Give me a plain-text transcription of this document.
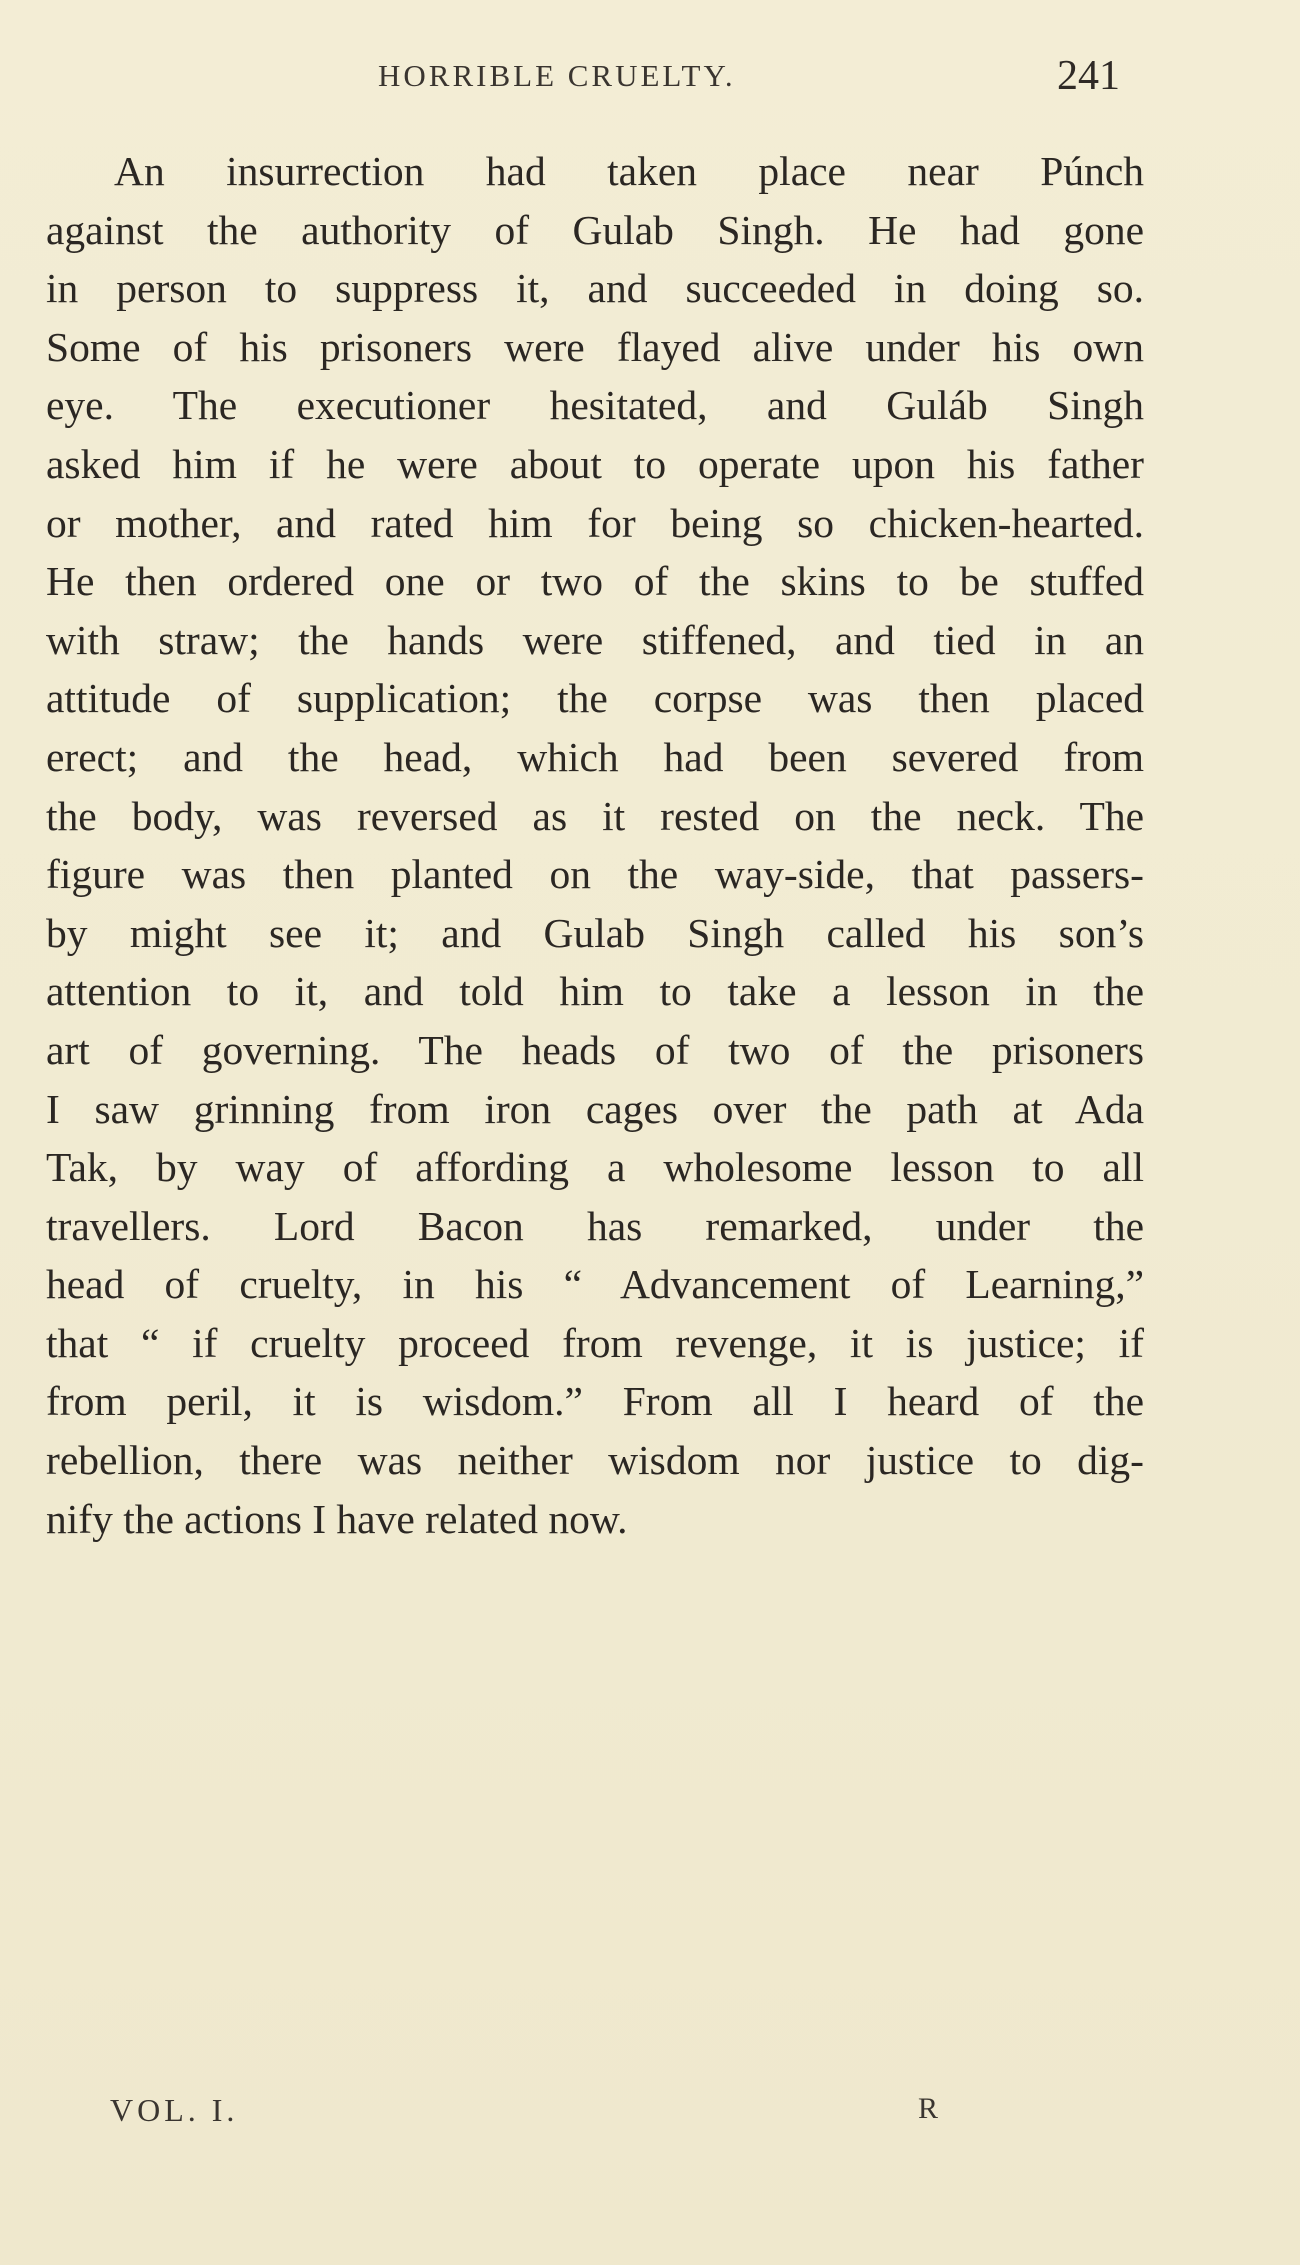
HORRIBLE CRUELTY.	241
An insurrection had taken place near Púnch
against the authority of Gulab Singh. He had gone
in person to suppress it, and succeeded in doing so.
Some of his prisoners were flayed alive under his own
eye. The executioner hesitated, and Guláb Singh
asked him if he were about to operate upon his father
or mother, and rated him for being so chicken-hearted.
He then ordered one or two of the skins to be stuffed
with straw; the hands were stiffened, and tied in an
attitude of supplication; the corpse was then placed
erect; and the head, which had been severed from
the body, was reversed as it rested on the neck. The
figure was then planted on the way-side, that passers-
by might see it; and Gulab Singh called his son’s
attention to it, and told him to take a lesson in the
art of governing. The heads of two of the prisoners
I saw grinning from iron cages over the path at Ada
Tak, by way of affording a wholesome lesson to all
travellers. Lord Bacon has remarked, under the
head of cruelty, in his “ Advancement of Learning,”
that “ if cruelty proceed from revenge, it is justice; if
from peril, it is wisdom.” From all I heard of the
rebellion, there was neither wisdom nor justice to dig-
nify the actions I have related now.
VOL. I.	R
